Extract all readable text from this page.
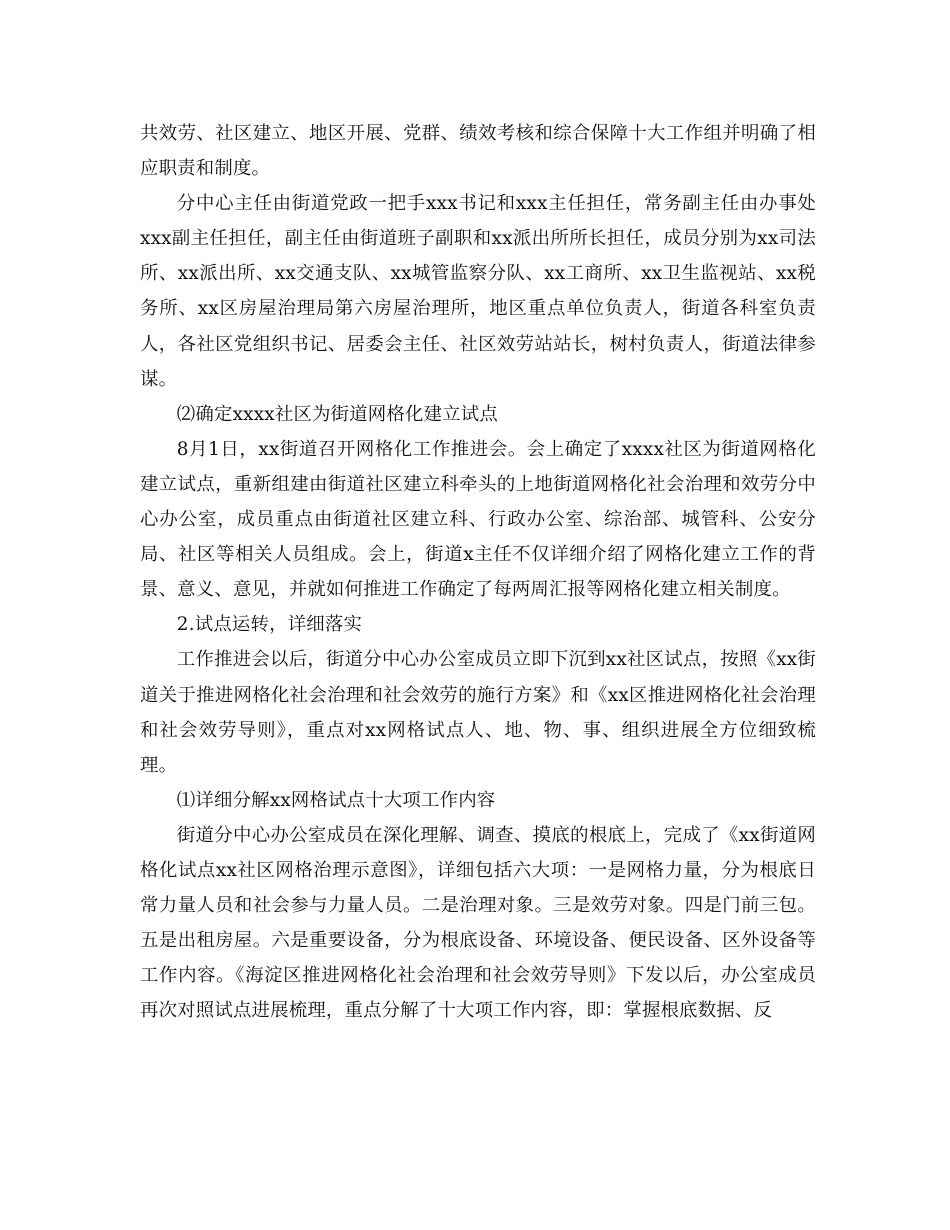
共效劳、社区建立、地区开展、党群、绩效考核和综合保障十大工作组并明确了相应职责和制度。

分中心主任由街道党政一把手xxx书记和xxx主任担任，常务副主任由办事处xxx副主任担任，副主任由街道班子副职和xx派出所所长担任，成员分别为xx司法所、xx派出所、xx交通支队、xx城管监察分队、xx工商所、xx卫生监视站、xx税务所、xx区房屋治理局第六房屋治理所，地区重点单位负责人，街道各科室负责人，各社区党组织书记、居委会主任、社区效劳站站长，树村负责人，街道法律参谋。

⑵确定xxxx社区为街道网格化建立试点

8月1日，xx街道召开网格化工作推进会。会上确定了xxxx社区为街道网格化建立试点，重新组建由街道社区建立科牵头的上地街道网格化社会治理和效劳分中心办公室，成员重点由街道社区建立科、行政办公室、综治部、城管科、公安分局、社区等相关人员组成。会上，街道x主任不仅详细介绍了网格化建立工作的背景、意义、意见，并就如何推进工作确定了每两周汇报等网格化建立相关制度。

2.试点运转，详细落实

工作推进会以后，街道分中心办公室成员立即下沉到xx社区试点，按照《xx街道关于推进网格化社会治理和社会效劳的施行方案》和《xx区推进网格化社会治理和社会效劳导则》，重点对xx网格试点人、地、物、事、组织进展全方位细致梳理。

⑴详细分解xx网格试点十大项工作内容

街道分中心办公室成员在深化理解、调查、摸底的根底上，完成了《xx街道网格化试点xx社区网格治理示意图》，详细包括六大项：一是网格力量，分为根底日常力量人员和社会参与力量人员。二是治理对象。三是效劳对象。四是门前三包。五是出租房屋。六是重要设备，分为根底设备、环境设备、便民设备、区外设备等工作内容。《海淀区推进网格化社会治理和社会效劳导则》下发以后，办公室成员再次对照试点进展梳理，重点分解了十大项工作内容，即：掌握根底数据、反
